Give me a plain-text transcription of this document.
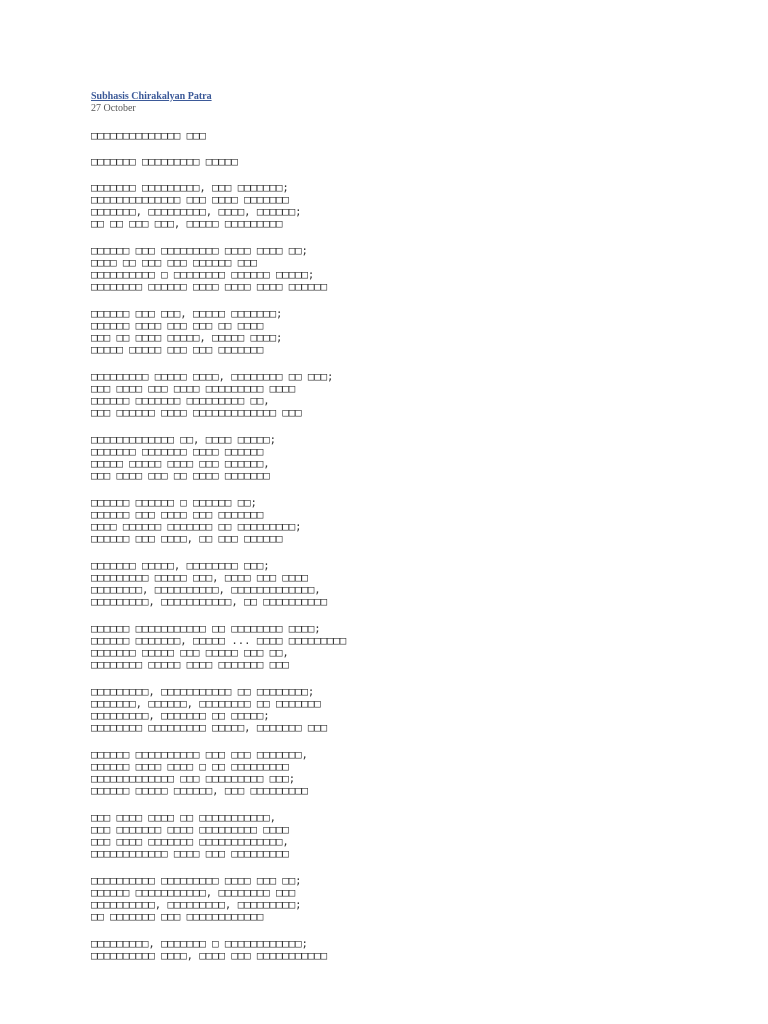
Subhasis Chirakalyan Patra
27 October
□□□□□□□□□□□□□□ □□□
□□□□□□□ □□□□□□□□□ □□□□□
□□□□□□□ □□□□□□□□□, □□□ □□□□□□□;
□□□□□□□□□□□□□□ □□□ □□□□ □□□□□□□
□□□□□□□, □□□□□□□□□, □□□□, □□□□□□;
□□ □□ □□□ □□□, □□□□□ □□□□□□□□□
□□□□□□ □□□ □□□□□□□□□ □□□□ □□□□ □□;
□□□□ □□ □□□ □□□ □□□□□□ □□□
□□□□□□□□□□ □ □□□□□□□□ □□□□□□ □□□□□;
□□□□□□□□ □□□□□□ □□□□ □□□□ □□□□ □□□□□□
□□□□□□ □□□ □□□, □□□□□ □□□□□□□;
□□□□□□ □□□□ □□□ □□□ □□ □□□□
□□□ □□ □□□□ □□□□□, □□□□□ □□□□;
□□□□□ □□□□□ □□□ □□□ □□□□□□□
□□□□□□□□□ □□□□□ □□□□, □□□□□□□□ □□ □□□;
□□□ □□□□ □□□ □□□□ □□□□□□□□□ □□□□
□□□□□□ □□□□□□□ □□□□□□□□□ □□,
□□□ □□□□□□ □□□□ □□□□□□□□□□□□□ □□□
□□□□□□□□□□□□□ □□, □□□□ □□□□□;
□□□□□□□ □□□□□□□ □□□□ □□□□□□
□□□□□ □□□□□ □□□□ □□□ □□□□□□,
□□□ □□□□ □□□ □□ □□□□ □□□□□□□
□□□□□□ □□□□□□ □ □□□□□□ □□;
□□□□□□ □□□ □□□□ □□□ □□□□□□□
□□□□ □□□□□□ □□□□□□□ □□ □□□□□□□□□;
□□□□□□ □□□ □□□□, □□ □□□ □□□□□□
□□□□□□□ □□□□□, □□□□□□□□ □□□;
□□□□□□□□□ □□□□□ □□□, □□□□ □□□ □□□□
□□□□□□□□, □□□□□□□□□□, □□□□□□□□□□□□□,
□□□□□□□□□, □□□□□□□□□□□, □□ □□□□□□□□□□
□□□□□□ □□□□□□□□□□□ □□ □□□□□□□□ □□□□;
□□□□□□ □□□□□□□, □□□□□ ... □□□□ □□□□□□□□□
□□□□□□□ □□□□□ □□□ □□□□□ □□□ □□,
□□□□□□□□ □□□□□ □□□□ □□□□□□□ □□□
□□□□□□□□□, □□□□□□□□□□□ □□ □□□□□□□□;
□□□□□□□, □□□□□□, □□□□□□□□ □□ □□□□□□□
□□□□□□□□□, □□□□□□□ □□ □□□□□;
□□□□□□□□ □□□□□□□□□ □□□□□, □□□□□□□ □□□
□□□□□□ □□□□□□□□□□ □□□ □□□ □□□□□□□,
□□□□□□ □□□□ □□□□ □ □□ □□□□□□□□□
□□□□□□□□□□□□□ □□□ □□□□□□□□□ □□□;
□□□□□□ □□□□□ □□□□□□, □□□ □□□□□□□□□
□□□ □□□□ □□□□ □□ □□□□□□□□□□□,
□□□ □□□□□□□ □□□□ □□□□□□□□□ □□□□
□□□ □□□□ □□□□□□□ □□□□□□□□□□□□□,
□□□□□□□□□□□□ □□□□ □□□ □□□□□□□□□
□□□□□□□□□□ □□□□□□□□□ □□□□ □□□ □□;
□□□□□□ □□□□□□□□□□□, □□□□□□□□ □□□
□□□□□□□□□□, □□□□□□□□□, □□□□□□□□□;
□□ □□□□□□□ □□□ □□□□□□□□□□□□
□□□□□□□□□, □□□□□□□ □ □□□□□□□□□□□□;
□□□□□□□□□□ □□□□, □□□□ □□□ □□□□□□□□□□□
